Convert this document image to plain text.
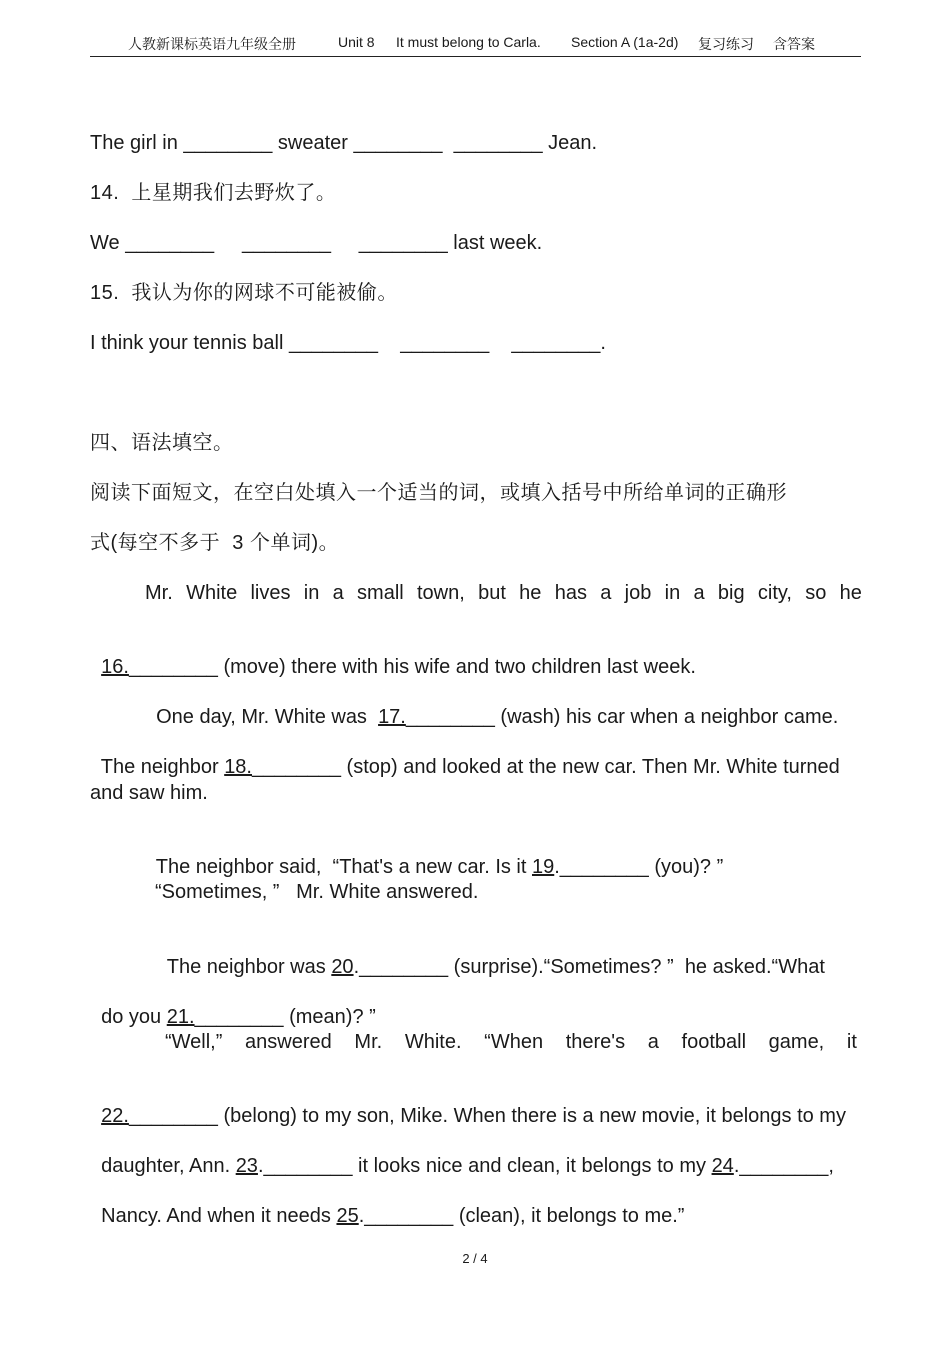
人教新课标英语九年级全册

	Unit 8

It must belong to Carla.

Section A (1a-2d)

复习练习

含答案

The girl in ________ sweater ________  ________ Jean.
14.  上星期我们去野炊了。
We ________     ________     ________ last week.
15.  我认为你的网球不可能被偷。
I think your tennis ball ________    ________    ________.
四、语法填空。
阅读下面短文，在空白处填入一个适当的词，或填入括号中所给单词的正确形
式(每空不多于  3 个单词)。
Mr. White lives in a small town, but he has a job in a big city, so he

16.________ (move) there with his wife and two children last week.

One day, Mr. White was  17.________ (wash) his car when a neighbor came.

The neighbor 18.________ (stop) and looked at the new car. Then Mr. White turned

and saw him.

The neighbor said,  “That's a new car. Is it 19.________ (you)? ”

“Sometimes, ”   Mr. White answered.

The neighbor was 20.________ (surprise).“Sometimes? ”  he asked.“What

do you 21.________ (mean)? ”

“Well,” answered Mr. White. “When there's a football game, it

22.________ (belong) to my son, Mike. When there is a new movie, it belongs to my

daughter, Ann. 23.________ it looks nice and clean, it belongs to my 24.________,

Nancy. And when it needs 25.________ (clean), it belongs to me.”

2 / 4
